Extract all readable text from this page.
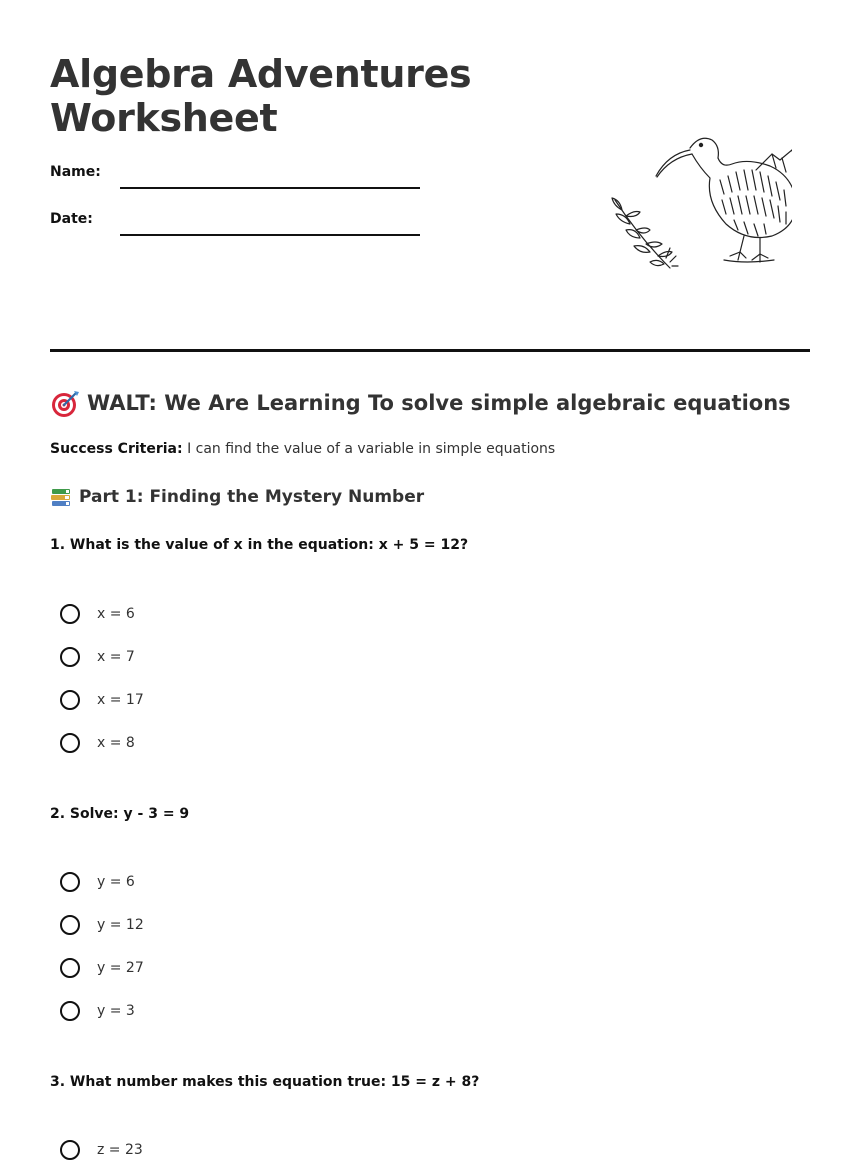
Algebra Adventures
Worksheet
Name:
Date:
WALT: We Are Learning To solve simple algebraic equations
Success Criteria: I can find the value of a variable in simple equations
Part 1: Finding the Mystery Number
1. What is the value of x in the equation: x + 5 = 12?
x = 6
x = 7
x = 17
x = 8
2. Solve: y - 3 = 9
y = 6
y = 12
y = 27
y = 3
3. What number makes this equation true: 15 = z + 8?
z = 23
